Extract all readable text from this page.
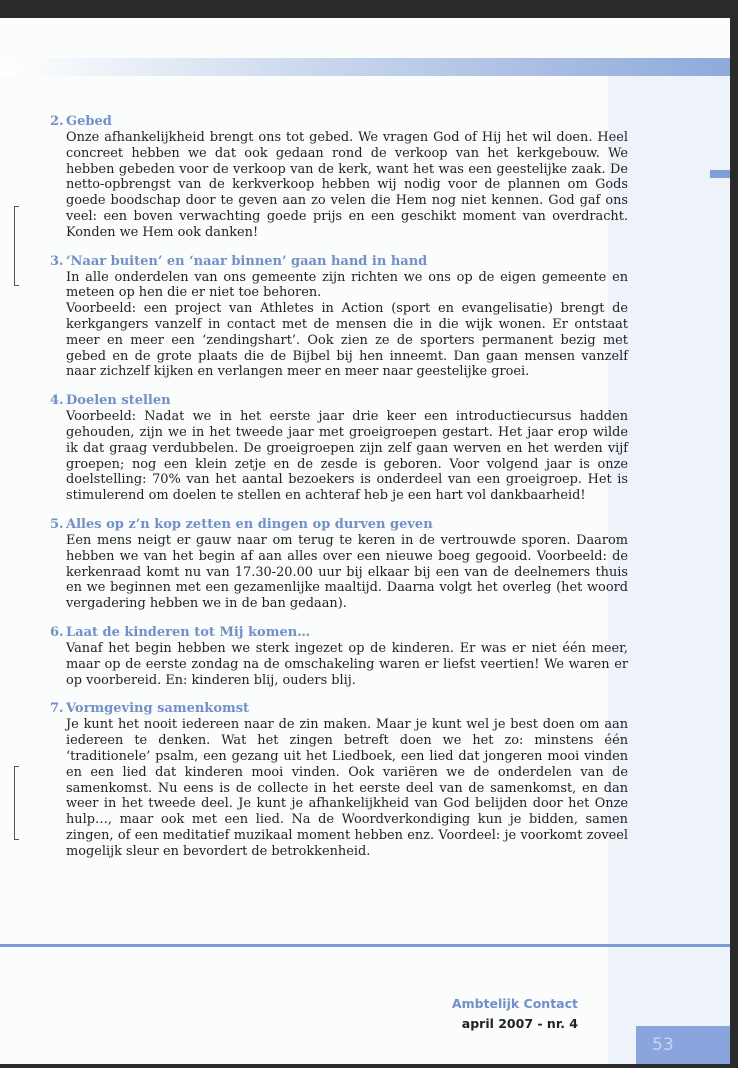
2. Gebed

Onze afhankelijkheid brengt ons tot gebed. We vragen God of Hij het wil doen. Heel concreet hebben we dat ook gedaan rond de verkoop van het kerkgebouw. We hebben gebeden voor de verkoop van de kerk, want het was een geestelijke zaak. De netto-opbrengst van de kerkverkoop hebben wij nodig voor de plannen om Gods goede boodschap door te geven aan zo velen die Hem nog niet kennen. God gaf ons veel: een boven verwachting goede prijs en een geschikt moment van overdracht. Konden we Hem ook danken!

3. ‘Naar buiten’ en ‘naar binnen’ gaan hand in hand

In alle onderdelen van ons gemeente zijn richten we ons op de eigen gemeente en meteen op hen die er niet toe behoren.

Voorbeeld: een project van Athletes in Action (sport en evangelisatie) brengt de kerkgangers vanzelf in contact met de mensen die in die wijk wonen. Er ontstaat meer en meer een ‘zendingshart’. Ook zien ze de sporters permanent bezig met gebed en de grote plaats die de Bijbel bij hen inneemt. Dan gaan mensen vanzelf naar zichzelf kijken en verlangen meer en meer naar geestelijke groei.

4. Doelen stellen

Voorbeeld: Nadat we in het eerste jaar drie keer een introductiecursus hadden gehouden, zijn we in het tweede jaar met groeigroepen gestart. Het jaar erop wilde ik dat graag verdubbelen. De groeigroepen zijn zelf gaan werven en het werden vijf groepen; nog een klein zetje en de zesde is geboren. Voor volgend jaar is onze doelstelling: 70% van het aantal bezoekers is onderdeel van een groeigroep. Het is stimulerend om doelen te stellen en achteraf heb je een hart vol dankbaarheid!

5. Alles op z’n kop zetten en dingen op durven geven

Een mens neigt er gauw naar om terug te keren in de vertrouwde sporen. Daarom hebben we van het begin af aan alles over een nieuwe boeg gegooid. Voorbeeld: de kerkenraad komt nu van 17.30-20.00 uur bij elkaar bij een van de deelnemers thuis en we beginnen met een gezamenlijke maaltijd. Daarna volgt het overleg (het woord vergadering hebben we in de ban gedaan).

6. Laat de kinderen tot Mij komen…

Vanaf het begin hebben we sterk ingezet op de kinderen. Er was er niet één meer, maar op de eerste zondag na de omschakeling waren er liefst veertien! We waren er op voorbereid. En: kinderen blij, ouders blij.

7. Vormgeving samenkomst

Je kunt het nooit iedereen naar de zin maken. Maar je kunt wel je best doen om aan iedereen te denken. Wat het zingen betreft doen we het zo: minstens één ‘traditionele’ psalm, een gezang uit het Liedboek, een lied dat jongeren mooi vinden en een lied dat kinderen mooi vinden. Ook variëren we de onderdelen van de samenkomst. Nu eens is de collecte in het eerste deel van de samenkomst, en dan weer in het tweede deel. Je kunt je afhankelijkheid van God belijden door het Onze hulp…, maar ook met een lied. Na de Woordverkondiging kun je bidden, samen zingen, of een meditatief muzikaal moment hebben enz. Voordeel: je voorkomt zoveel mogelijk sleur en bevordert de betrokkenheid.

Ambtelijk Contact
april 2007 - nr. 4
53
